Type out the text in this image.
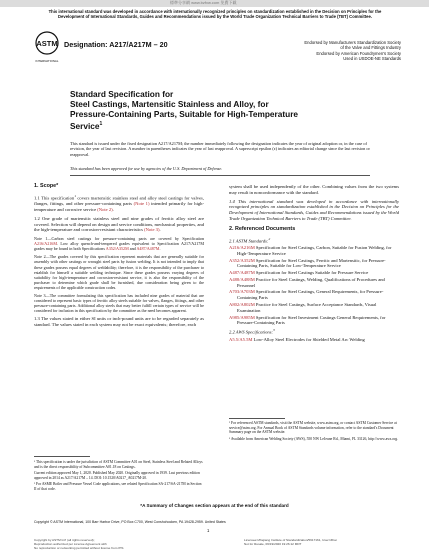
標準分享網 www.bzfxw.com 免費下載
This international standard was developed in accordance with internationally recognized principles on standardization established in the Decision on Principles for the Development of International Standards, Guides and Recommendations issued by the World Trade Organization Technical Barriers to Trade (TBT) Committee.
ASTM
INTERNATIONAL
Designation: A217/A217M – 20	Endorsed by Manufacturers Standardization Society
of the Valve and Fittings Industry
Endorsed by American Foundrymen's Society
Used in USDOE-NE Standards
Standard Specification for
Steel Castings, Martensitic Stainless and Alloy, for
Pressure-Containing Parts, Suitable for High-Temperature
Service$^1$
This standard is issued under the fixed designation A217/A217M; the number immediately following the designation indicates the year of original adoption or, in the case of revision, the year of last revision. A number in parentheses indicates the year of last reapproval. A superscript epsilon (ε) indicates an editorial change since the last revision or reapproval.
This standard has been approved for use by agencies of the U.S. Department of Defense.
1. Scope*

1.1 This specification$^1$ covers martensitic stainless steel and alloy steel castings for valves, flanges, fittings, and other pressure-containing parts (Note 1) intended primarily for high-temperature and corrosive service (Note 2).

1.2 One grade of martensitic stainless steel and nine grades of ferritic alloy steel are covered. Selection will depend on design and service conditions, mechanical properties, and the high-temperature and corrosion-resistant characteristics (Note 3).

Note 1—Carbon steel castings for pressure-containing parts are covered by Specification A216/A216M. Low alloy quench-and-tempered grades equivalent to Specification A217/A217M grades may be found in both Specifications A352/A352M and A487/A487M.

Note 2—The grades covered by this specification represent materials that are generally suitable for assembly with other castings or wrought steel parts by fusion welding. It is not intended to imply that these grades possess equal degrees of weldability; therefore, it is the responsibility of the purchaser to establish for himself a suitable welding technique. Since these grades possess varying degrees of suitability for high-temperature and corrosion-resistant service, it is also the responsibility of the purchaser to determine which grade shall be furnished, due consideration being given to the requirements of the applicable construction codes.

Note 3—The committee formulating this specification has included nine grades of material that are considered to represent basic types of ferritic alloy steels suitable for valves, flanges, fittings, and other pressure-containing parts. Additional alloy steels that may better fulfill certain types of service will be considered for inclusion in this specification by the committee as the need becomes apparent.

1.3 The values stated in either SI units or inch-pound units are to be regarded separately as standard. The values stated in each system may not be exact equivalents; therefore, each

system shall be used independently of the other. Combining values from the two systems may result in nonconformance with the standard.

1.4 This international standard was developed in accordance with internationally recognized principles on standardization established in the Decision on Principles for the Development of International Standards, Guides and Recommendations issued by the World Trade Organization Technical Barriers to Trade (TBT) Committee.

2. Referenced Documents
2.1 ASTM Standards:$^2$
A216/A216M Specification for Steel Castings, Carbon, Suitable for Fusion Welding, for High-Temperature Service
A352/A352M Specification for Steel Castings, Ferritic and Martensitic, for Pressure-Containing Parts, Suitable for Low-Temperature Service
A487/A487M Specification for Steel Castings Suitable for Pressure Service
A488/A488M Practice for Steel Castings, Welding, Qualifications of Procedures and Personnel
A703/A703M Specification for Steel Castings, General Requirements, for Pressure-Containing Parts
A802/A802M Practice for Steel Castings, Surface Acceptance Standards, Visual Examination
A985/A985M Specification for Steel Investment Castings General Requirements, for Pressure-Containing Parts
2.2 AWS Specifications:$^3$
A5.5/A5.5M Low-Alloy Steel Electrodes for Shielded Metal Arc Welding

¹ This specification is under the jurisdiction of ASTM Committee A01 on Steel, Stainless Steel and Related Alloys and is the direct responsibility of Subcommittee A01.18 on Castings.

Current edition approved May 1, 2020. Published May 2020. Originally approved in 1939. Last previous edition approved in 2014 as A217/A217M – 14. DOI: 10.1520/A0217_A0217M-20.

² For ASME Boiler and Pressure Vessel Code applications, see related Specification SA-217/SA-217M in Section II of that code.

² For referenced ASTM standards, visit the ASTM website, www.astm.org, or contact ASTM Customer Service at service@astm.org. For Annual Book of ASTM Standards volume information, refer to the standard's Document Summary page on the ASTM website.

³ Available from American Welding Society (AWS), 550 NW LeJeune Rd., Miami, FL 33126, http://www.aws.org.

*A Summary of Changes section appears at the end of this standard
Copyright © ASTM International, 100 Barr Harbor Drive, PO Box C700, West Conshohocken, PA 19428-2959. United States
1
Copyright by ASTM Int'l (all rights reserved);
Reproduction authorized per License Agreement with
No reproduction or networking permitted without license from IHS
Licensee=Zhejiang Institute of Standardization/5917161, User=Zhai
Not for Resale, 06/19/2020 19:26:12 MDT
